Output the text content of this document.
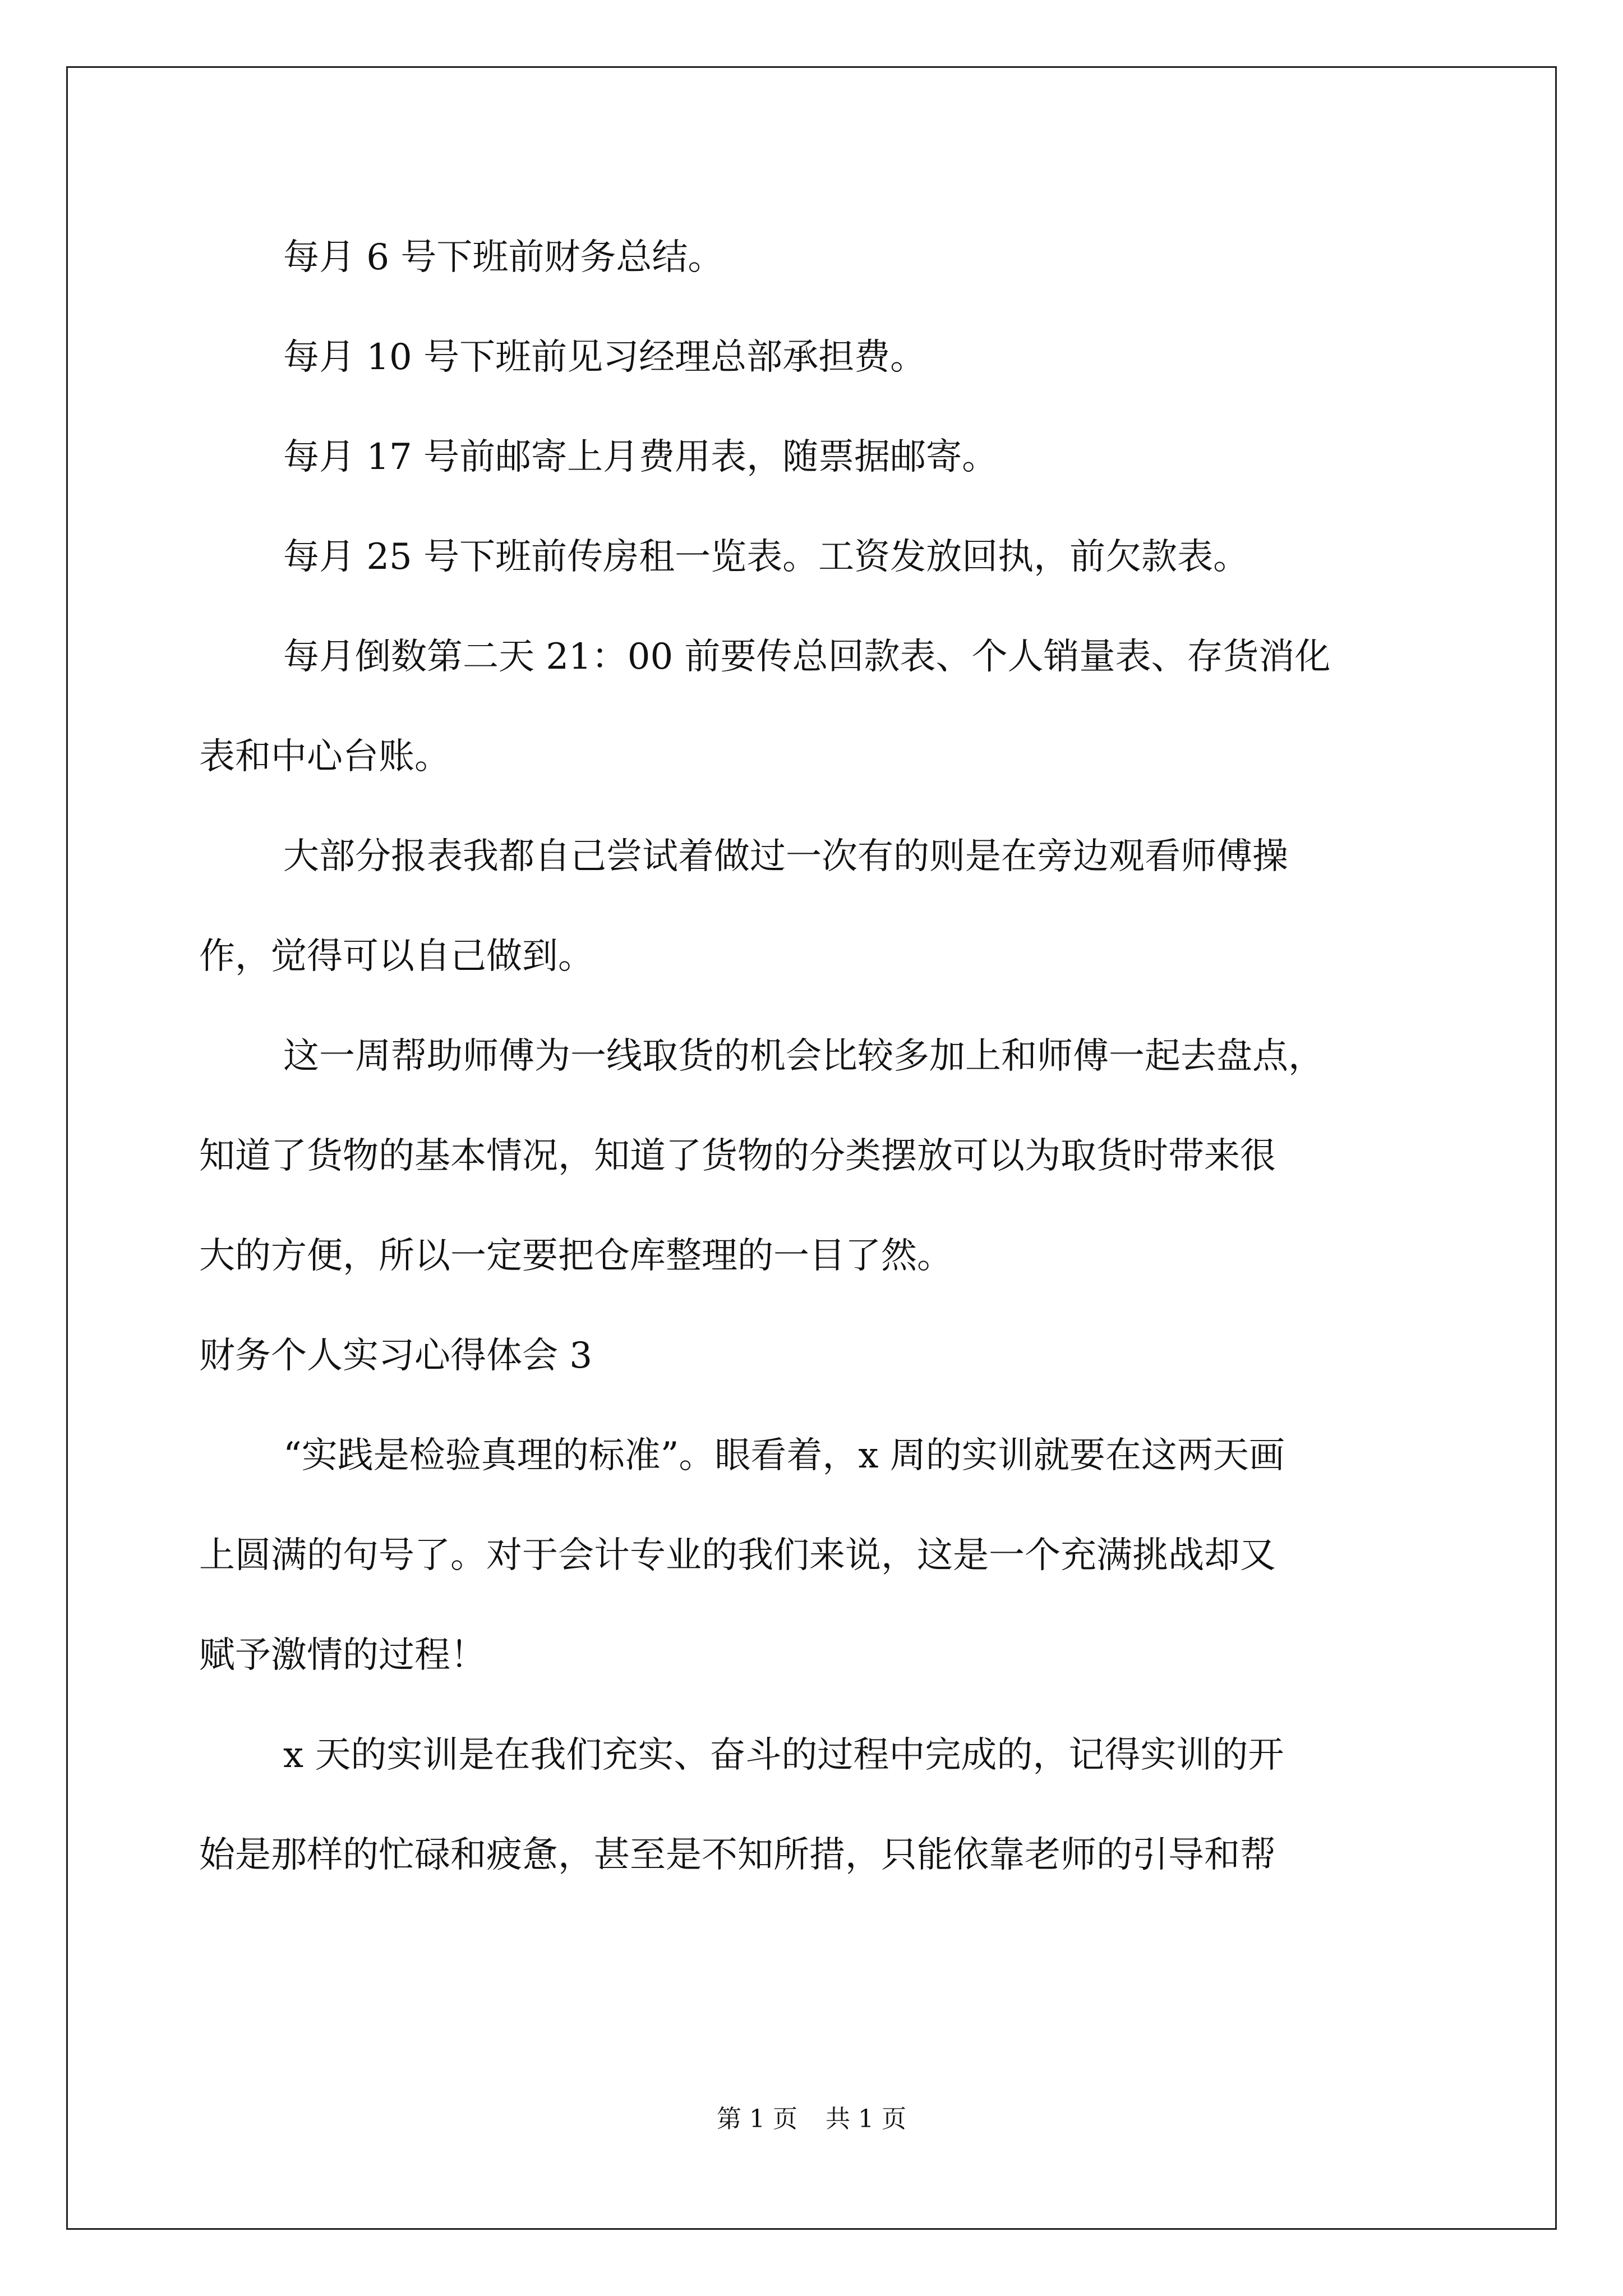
每月 6 号下班前财务总结。

每月 10 号下班前见习经理总部承担费。

每月 17 号前邮寄上月费用表，随票据邮寄。

每月 25 号下班前传房租一览表。工资发放回执，前欠款表。

每月倒数第二天 21：00 前要传总回款表、个人销量表、存货消化
表和中心台账。

大部分报表我都自己尝试着做过一次有的则是在旁边观看师傅操
作，觉得可以自己做到。

这一周帮助师傅为一线取货的机会比较多加上和师傅一起去盘点，
知道了货物的基本情况，知道了货物的分类摆放可以为取货时带来很
大的方便，所以一定要把仓库整理的一目了然。

财务个人实习心得体会 3

“实践是检验真理的标准”。眼看着，x 周的实训就要在这两天画
上圆满的句号了。对于会计专业的我们来说，这是一个充满挑战却又
赋予激情的过程！

x 天的实训是在我们充实、奋斗的过程中完成的，记得实训的开
始是那样的忙碌和疲惫，甚至是不知所措，只能依靠老师的引导和帮

第 1 页 共 1 页
